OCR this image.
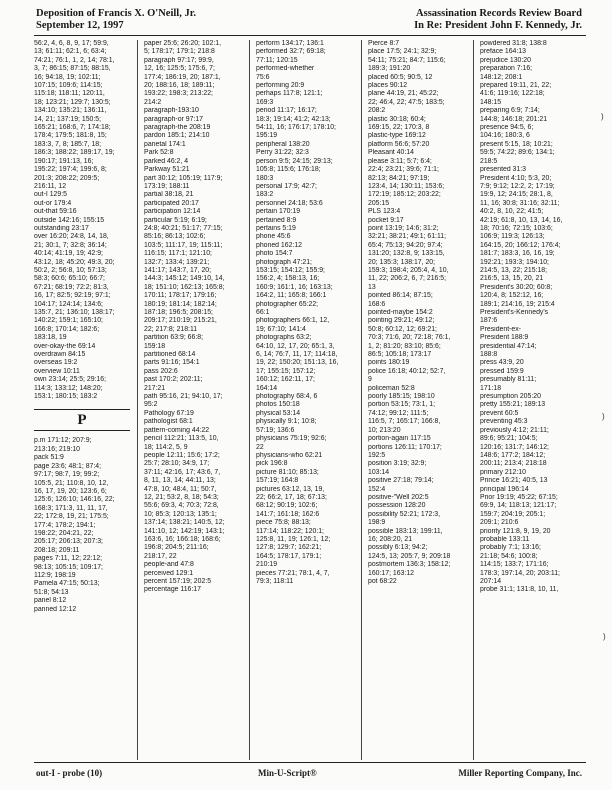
Deposition of Francis X. O'Neill, Jr.
September 12, 1997
Assassination Records Review Board
In Re: President John F. Kennedy, Jr.
56:2, 4, 6, 8, 9, 17; 59:9,
13; 61:11; 62:1, 6; 63:4;
74:21; 76:1, 1, 2, 14; 78:1,
3, 7; 86:15; 87:15; 88:15,
16; 94:18, 19; 102:11;
107:15; 109:6; 114:15;
115:18; 118:11; 120:11,
18; 123:21; 129:7; 130:5;
134:10; 135:21; 136:11,
14, 21; 137:19; 150:5;
165:21; 168:6, 7; 174:18;
178:4; 179:5; 181:8, 15;
183:3, 7, 8; 185:7, 18;
186:3; 188:22; 189:17, 19;
190:17; 191:13, 16;
195:22; 197:4; 199:6, 8;
201:3; 208:22; 209:5;
216:11, 12
out-I 129:5
out-or 179:4
out-that 59:16
outside 142:16; 155:15
outstanding 23:17
over 16:20; 24:8, 14, 18,
21; 30:1, 7; 32:8; 36:14;
40:14; 41:19, 19; 42:9;
43:12, 18; 45:20; 49:3, 20;
50:2, 2; 56:8, 10; 57:13;
58:3; 60:6; 65:10; 66:7;
67:21; 68:19; 72:2; 81:3,
16, 17; 82:5; 92:19; 97:1;
104:17; 124:14; 134:6;
135:7, 21; 136:10; 138:17;
140:22; 159:1; 165:10;
166:8; 170:14; 182:6;
183:18, 19
over-okay-the 69:14
overdrawn 84:15
overseas 19:2
overview 10:11
own 23:14; 25:5; 29:16;
114:3; 133:12; 148:20;
153:1; 180:15; 183:2
P
p.m 171:12; 207:9;
213:16; 219:10
pack 51:9
page 23:6; 48:1; 87:4;
97:17; 98:7, 19; 99:2;
105:5, 21; 110:8, 10, 12,
16, 17, 19, 20; 123:6, 6;
125:6; 126:10; 146:16, 22;
168:3; 171:3, 11, 11, 17,
22; 172:8, 19, 21; 175:5;
177:4; 178:2; 194:1;
198:22; 204:21, 22;
205:17; 206:13; 207:3;
208:18; 209:11
pages 7:11, 12; 22:12;
98:13; 105:15; 109:17;
112:9; 198:19
Pamela 47:15; 50:13;
51:8; 54:13
panel 8:12
panned 12:12
paper 25:6; 26:20; 102:1,
5; 178:17; 179:1; 218:8
paragraph 97:17; 99:9,
12, 16; 125:5; 175:6, 7;
177:4; 186:19, 20; 187:1,
20; 188:16, 18; 189:11;
193:22; 198:3; 213:22;
214:2
paragraph-193:10
paragraph-or 97:17
paragraph-the 208:19
pardon 185:1; 214:10
parietal 174:1
Park 52:8
parked 46:2, 4
Parkway 51:21
part 30:12; 105:19; 117:9;
173:19; 188:11
partial 38:18, 21
participated 20:17
participation 12:14
particular 5:19; 6:19;
24:8; 40:21; 51:17; 77:15;
85:16; 86:13; 102:6;
103:5; 111:17, 19; 115:11;
116:15; 117:1; 121:10;
132:7; 133:4; 139:21;
141:17; 143:7, 17, 20;
144:3; 145:12; 149:10, 14,
18; 151:10; 162:13; 165:8;
170:11; 178:17; 179:16;
180:19; 181:14; 182:14;
187:18; 196:5; 208:15;
209:17; 210:19; 215:21,
22; 217:8; 218:11
partition 63:9; 66:8;
159:18
partitioned 68:14
parts 91:16; 154:1
pass 202:6
past 170:2; 202:11;
217:21
path 95:16, 21; 94:10, 17;
95:2
Pathology 67:19
pathologist 68:1
pattern-coming 44:22
pencil 112:21; 113:5, 10,
18; 114:2, 5, 9
people 12:11; 15:6; 17:2;
25:7; 28:10; 34:9, 17;
37:11; 42:16, 17; 43:6, 7,
8, 11, 13, 14; 44:11, 13;
47:8, 10; 48:4, 11; 50:7,
12, 21; 53:2, 8, 18; 54:3;
55:6; 69:3, 4; 70:3; 72:8,
10; 85:3; 120:13; 135:1;
137:14; 138:21; 140:5, 12;
141:10, 12; 142:19; 143:1;
163:6, 16; 166:18; 168:6;
196:8; 204:5; 211:16;
218:17, 22
people-and 47:8
perceived 129:1
percent 157:19; 202:5
percentage 116:17
perform 134:17; 136:1
performed 32:7; 69:18;
77:11; 120:15
performed-whether
75:6
performing 20:9
perhaps 117:8; 121:1;
169:3
period 11:17; 16:17;
18:3; 19:14; 41:2; 42:13;
54:11, 16; 176:17; 178:10;
195:19
peripheral 138:20
Perry 31:22; 32:3
person 9:5; 24:15; 29:13;
105:8; 115:6; 176:18;
180:3
personal 17:9; 42:7;
183:2
personnel 24:18; 53:6
pertain 170:19
pertained 8:9
pertains 5:19
phone 45:6
phoned 162:12
photo 154:7
photograph 47:21;
153:15; 154:12; 155:9;
156:2, 4; 158:13, 16;
160:9; 161:1, 16; 163:13;
164:2, 11; 165:8; 166:1
photographer 65:22;
66:1
photographers 66:1, 12,
19; 67:10; 141:4
photographs 63:2;
64:10, 12, 17, 20; 65:1, 3,
6, 14; 76:7, 11, 17; 114:18,
19, 22; 150:20; 151:13, 16,
17; 155:15; 157:12;
160:12; 162:11, 17;
164:14
photography 68:4, 6
photos 150:18
physical 53:14
physically 9:1; 10:8;
57:19; 136:6
physicians 75:19; 92:6;
22
physicians-who 62:21
pick 196:8
picture 81:10; 85:13;
157:19; 164:8
pictures 63:12, 13, 19,
22; 66:2, 17, 18; 67:13;
68:12; 90:19; 102:6;
141:7; 161:18; 162:6
piece 75:8; 88:13;
117:14; 118:22; 120:1;
125:8, 11, 19; 126:1, 12;
127:8; 129:7; 162:21;
164:5; 178:17, 179:1;
210:19
pieces 77:21; 78:1, 4, 7,
79:3; 118:11
Pierce 8:7
place 17:5; 24:1; 32:9;
54:11; 75:21; 84:7; 115:6;
189:3; 191:20
placed 60:5; 90:5, 12
places 90:12
plane 44:19, 21; 45:22;
22; 46:4, 22; 47:5; 183:5;
208:2
plastic 30:18; 60:4;
169:15, 22; 170:3, 8
plastic-type 169:12
platform 56:6; 57:20
Pleasant 40:14
please 3:11; 5:7; 6:4;
22:4; 23:21; 39:6; 71:1;
82:13; 84:21; 97:19;
123:4, 14; 130:11; 153:6;
172:19; 185:12; 203:22;
205:15
PLS 123:4
pocket 9:17
point 13:19; 14:6; 31:2;
32:21; 38:21; 49:1; 61:11;
65:4; 75:13; 94:20; 97:4;
131:20; 132:8, 9; 133:15,
20; 135:3; 138:17, 20;
159:3; 198:4; 205:4, 4, 10,
11, 22; 206:2, 6, 7; 216:5;
13
pointed 86:14; 87:15;
168:6
pointed-maybe 154:2
pointing 29:21; 49:12;
50:8; 60:12, 12; 69:21;
70:3; 71:6, 20; 72:18; 76:1,
1, 2; 81:20; 83:10; 85:6;
86:5; 105:18; 173:17
points 180:19
police 16:18; 40:12; 52:7,
9
policeman 52:8
poorly 185:15; 198:10
portion 53:15; 73:1, 1;
74:12; 99:12; 111:5;
116:5, 7; 165:17; 166:8,
10; 213:20
portion-again 117:15
portions 126:11; 170:17;
192:5
position 3:19; 32:9;
103:14
positive 27:18; 79:14;
152:4
positive-"Well 202:5
possession 128:20
possibility 52:21; 172:3,
198:9
possible 183:13; 199:11,
16; 208:20, 21
possibly 6:13; 94:2;
124:5, 13; 205:7, 9; 209:18
postmortem 136:3; 158:12;
160:17; 163:12
pot 68:22
powdered 31:8; 138:8
preface 164:13
prejudice 130:20
preparation 7:16;
148:12; 208:1
prepared 19:11, 21, 22;
41:6; 119:16; 122:18;
148:15
preparing 6:9; 7:14;
144:8; 146:18; 201:21
presence 94:5, 6;
104:16; 180:3, 6
present 5:15, 18; 10:21;
59:5; 74:22; 89:6; 134:1;
218:5
presented 31:3
President 4:10; 5:3, 20;
7:9; 9:12; 12:2, 2; 17:19;
19:9, 12; 24:15; 28:1, 8,
11, 16; 30:8; 31:16; 32:11;
40:2, 8, 10, 22; 41:5;
42:19; 61:8, 10, 13, 14, 16,
18; 70:16; 72:15; 103:6;
106:9; 119:3; 126:13;
164:15, 20; 166:12; 176:4;
181:7; 183:3, 16, 16, 19;
192:21; 193:3; 194:10;
214:5, 13, 22; 215:18;
216:5, 13, 15, 20, 21
President's 30:20; 60:8;
120:4, 8; 152:12, 16;
189:1; 214:16, 19; 215:4
President's-Kennedy's
187:6
President-ex-
President 188:9
presidential 47:14;
188:8
press 43:9, 20
pressed 159:9
presumably 81:11;
171:18
presumption 205:20
pretty 155:21; 189:13
prevent 60:5
preventing 45:3
previously 4:12; 21:11;
89:6; 95:21; 104:5;
120:16; 131:7; 146:12;
148:6; 177:2; 184:12;
200:11; 213:4; 218:18
primary 212:10
Prince 16:21; 40:5, 13
principal 196:14
Prior 19:19; 45:22; 67:15;
69:9, 14; 118:13; 121:17;
159:7; 204:19; 205:1;
209:1; 210:6
priority 121:8, 9, 19, 20
probable 133:11
probably 7:1; 13:16;
21:18; 54:6; 100:8;
114:15; 133:7; 171:16;
178:3; 197:14, 20; 203:11;
207:14
probe 31:1; 131:8, 10, 11,
)
)
)
out-I - probe (10)	Min-U-Script®	Miller Reporting Company, Inc.
